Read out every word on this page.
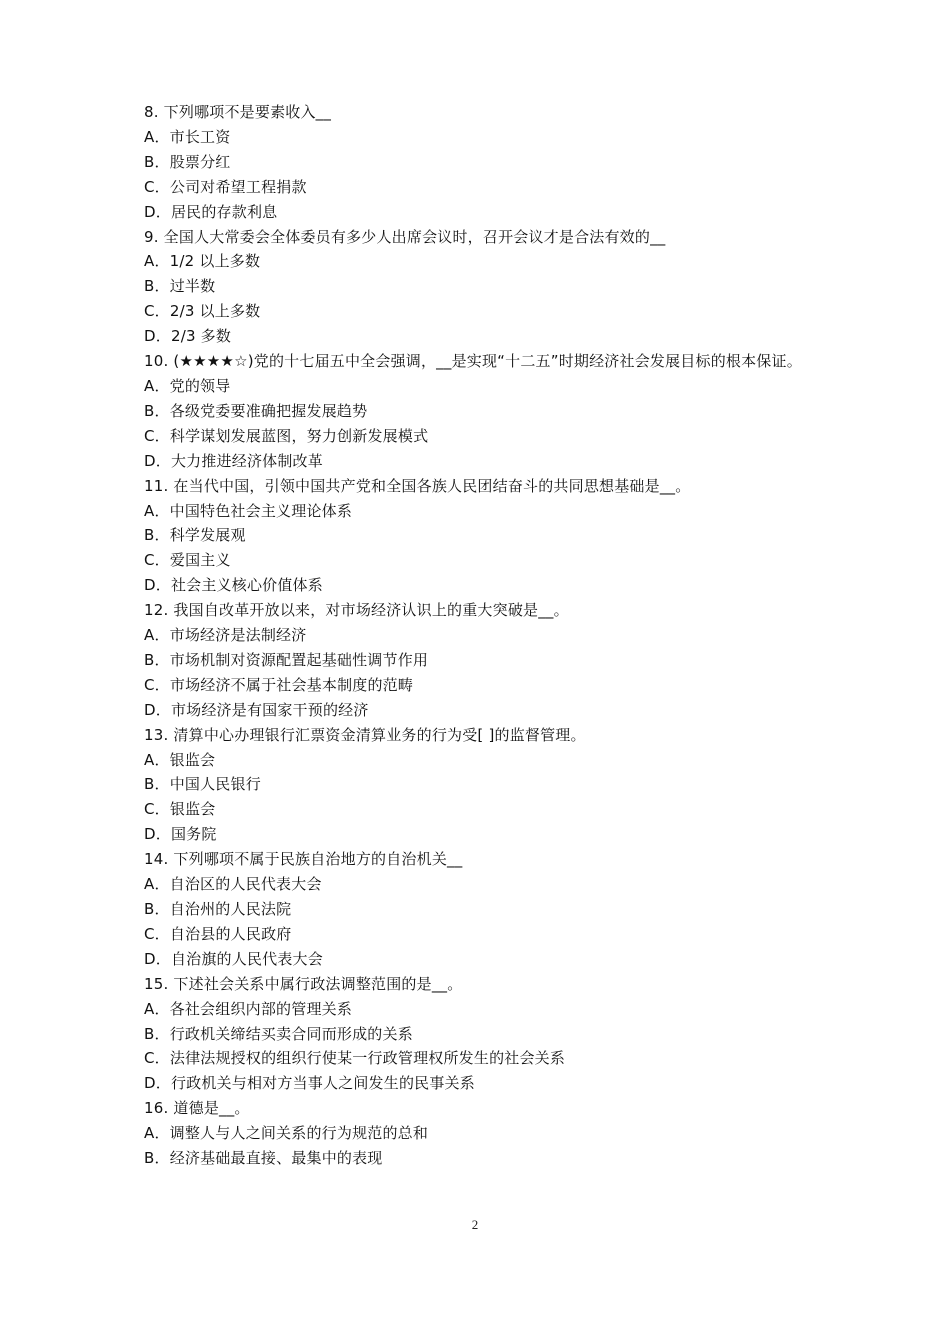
8. 下列哪项不是要素收入__
A．市长工资
B．股票分红
C．公司对希望工程捐款
D．居民的存款利息
9. 全国人大常委会全体委员有多少人出席会议时，召开会议才是合法有效的__
A．1/2 以上多数
B．过半数
C．2/3 以上多数
D．2/3 多数
10. (★★★★☆)党的十七届五中全会强调，__是实现“十二五”时期经济社会发展目标的根本保证。
A．党的领导
B．各级党委要准确把握发展趋势
C．科学谋划发展蓝图，努力创新发展模式
D．大力推进经济体制改革
11. 在当代中国，引领中国共产党和全国各族人民团结奋斗的共同思想基础是__。
A．中国特色社会主义理论体系
B．科学发展观
C．爱国主义
D．社会主义核心价值体系
12. 我国自改革开放以来，对市场经济认识上的重大突破是__。
A．市场经济是法制经济
B．市场机制对资源配置起基础性调节作用
C．市场经济不属于社会基本制度的范畴
D．市场经济是有国家干预的经济
13. 清算中心办理银行汇票资金清算业务的行为受[ ]的监督管理。
A．银监会
B．中国人民银行
C．银监会
D．国务院
14. 下列哪项不属于民族自治地方的自治机关__
A．自治区的人民代表大会
B．自治州的人民法院
C．自治县的人民政府
D．自治旗的人民代表大会
15. 下述社会关系中属行政法调整范围的是__。
A．各社会组织内部的管理关系
B．行政机关缔结买卖合同而形成的关系
C．法律法规授权的组织行使某一行政管理权所发生的社会关系
D．行政机关与相对方当事人之间发生的民事关系
16. 道德是__。
A．调整人与人之间关系的行为规范的总和
B．经济基础最直接、最集中的表现
2
